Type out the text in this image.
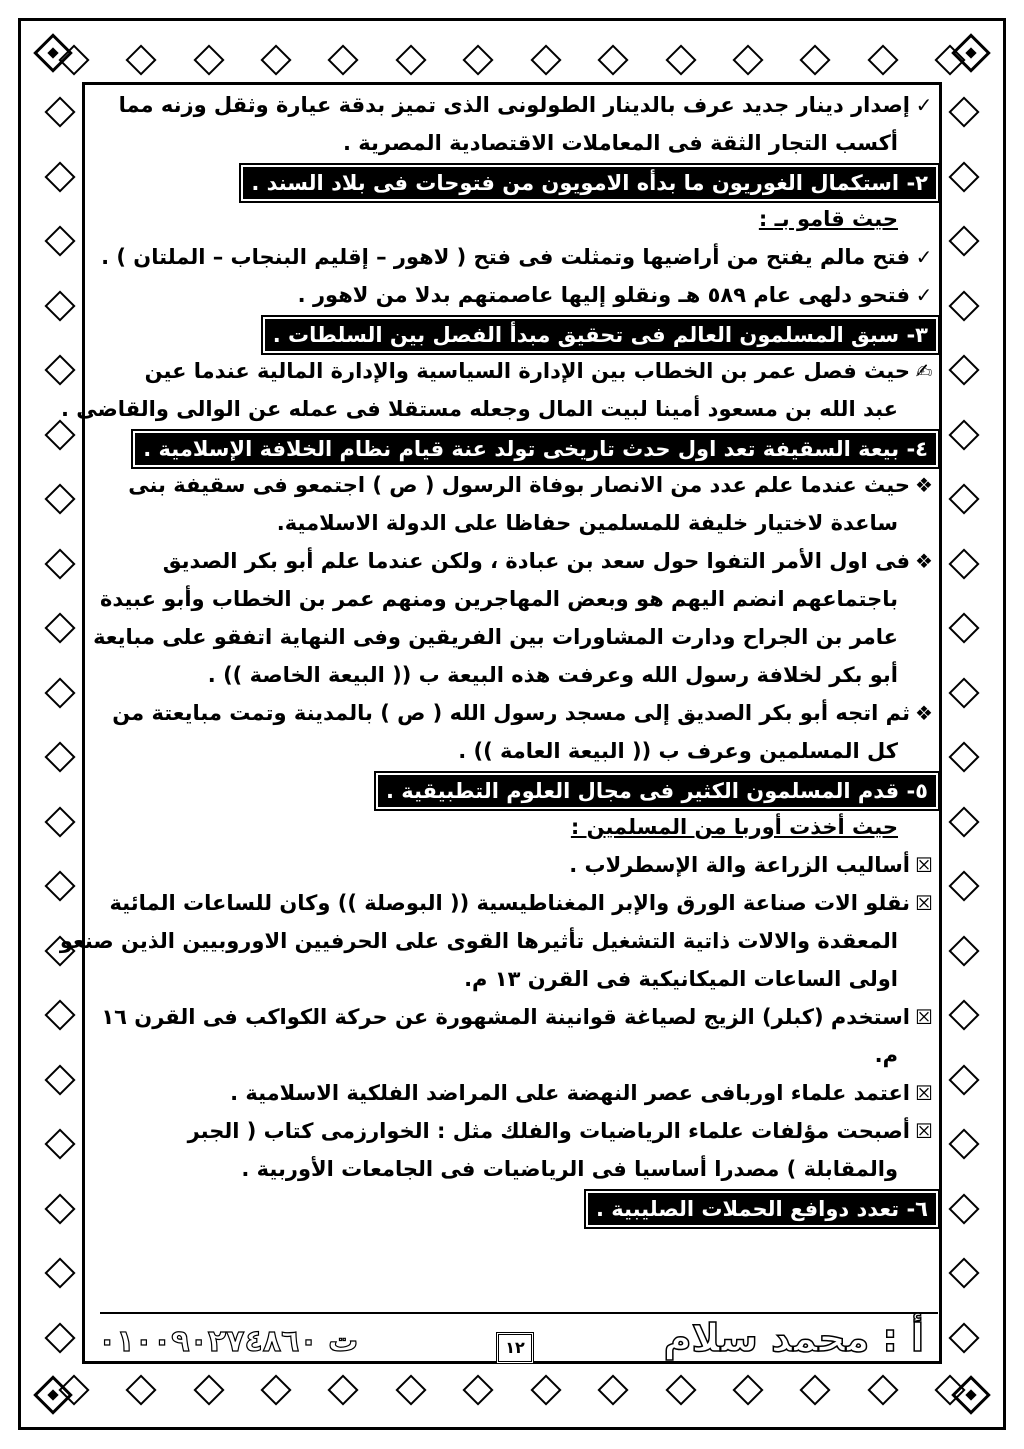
✓إصدار دينار جديد عرف بالدينار الطولونى الذى تميز بدقة عيارة وثقل وزنه مما
أكسب التجار الثقة فى المعاملات الاقتصادية المصرية .
٢- استكمال الغوريون ما بدأه الامويون من فتوحات فى بلاد السند .
حيث قامو بـ :
✓فتح مالم يفتح من أراضيها وتمثلت فى فتح ( لاهور – إقليم البنجاب – الملتان ) .
✓فتحو دلهى عام ٥٨٩ هـ ونقلو إليها عاصمتهم بدلا من لاهور .
٣- سبق المسلمون العالم فى تحقيق مبدأ الفصل بين السلطات .
✍حيث فصل عمر بن الخطاب بين الإدارة السياسية والإدارة المالية عندما عين
عبد الله بن مسعود أمينا لبيت المال وجعله مستقلا فى عمله عن الوالى والقاضى .
٤- بيعة السقيفة تعد اول حدث تاريخى تولد عنة قيام نظام الخلافة الإسلامية .
❖حيث عندما علم عدد من الانصار بوفاة الرسول ( ص ) اجتمعو فى سقيفة بنى
ساعدة لاختيار خليفة للمسلمين حفاظا على الدولة الاسلامية.
❖فى اول الأمر التفوا حول سعد بن عبادة ، ولكن عندما علم أبو بكر الصديق
باجتماعهم انضم اليهم هو وبعض المهاجرين ومنهم عمر بن الخطاب وأبو عبيدة
عامر بن الجراح ودارت المشاورات بين الفريقين وفى النهاية اتفقو على مبايعة
أبو بكر لخلافة رسول الله وعرفت هذه البيعة ب (( البيعة الخاصة )) .
❖ثم اتجه أبو بكر الصديق إلى مسجد رسول الله ( ص ) بالمدينة وتمت مبايعتة من
كل المسلمين وعرف ب (( البيعة العامة )) .
٥- قدم المسلمون الكثير فى مجال العلوم التطبيقية .
حيث أخذت أوربا من المسلمين :
☒أساليب الزراعة والة الإسطرلاب .
☒نقلو الات صناعة الورق والإبر المغناطيسية (( البوصلة )) وكان للساعات المائية
المعقدة والالات ذاتية التشغيل تأثيرها القوى على الحرفيين الاوروبيين الذين صنعو
اولى الساعات الميكانيكية فى القرن ١٣ م.
☒استخدم (كبلر) الزيج لصياغة قوانينة المشهورة عن حركة الكواكب فى القرن ١٦
م.
☒اعتمد علماء اوربافى عصر النهضة على المراضد الفلكية الاسلامية .
☒أصبحت مؤلفات علماء الرياضيات والفلك مثل : الخوارزمى كتاب ( الجبر
والمقابلة ) مصدرا أساسيا فى الرياضيات فى الجامعات الأوربية .
٦- تعدد دوافع الحملات الصليبية .
أ : محمد سلام
١٢
ت ٠١٠٠٩٠٢٧٤٨٦٠
